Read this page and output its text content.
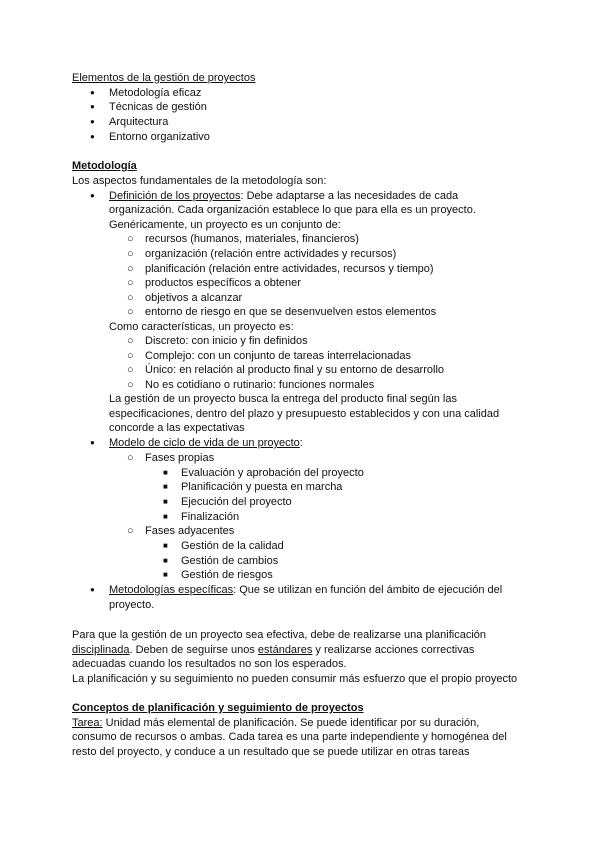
Elementos de la gestión de proyectos
● Metodología eficaz
● Técnicas de gestión
● Arquitectura
● Entorno organizativo
Metodología
Los aspectos fundamentales de la metodología son:
● Definición de los proyectos: Debe adaptarse a las necesidades de cada
organización. Cada organización establece lo que para ella es un proyecto.
Genéricamente, un proyecto es un conjunto de:
○ recursos (humanos, materiales, financieros)
○ organización (relación entre actividades y recursos)
○ planificación (relación entre actividades, recursos y tiempo)
○ productos específicos a obtener
○ objetivos a alcanzar
○ entorno de riesgo en que se desenvuelven estos elementos
Como características, un proyecto es:
○ Discreto: con inicio y fin definidos
○ Complejo: con un conjunto de tareas interrelacionadas
○ Único: en relación al producto final y su entorno de desarrollo
○ No es cotidiano o rutinario: funciones normales
La gestión de un proyecto busca la entrega del producto final según las
especificaciones, dentro del plazo y presupuesto establecidos y con una calidad
concorde a las expectativas
● Modelo de ciclo de vida de un proyecto:
○ Fases propias
■ Evaluación y aprobación del proyecto
■ Planificación y puesta en marcha
■ Ejecución del proyecto
■ Finalización
○ Fases adyacentes
■ Gestión de la calidad
■ Gestión de cambios
■ Gestión de riesgos
● Metodologías específicas: Que se utilizan en función del ámbito de ejecución del
proyecto.
Para que la gestión de un proyecto sea efectiva, debe de realizarse una planificación
disciplinada. Deben de seguirse unos estándares y realizarse acciones correctivas
adecuadas cuando los resultados no son los esperados.
La planificación y su seguimiento no pueden consumir más esfuerzo que el propio proyecto
Conceptos de planificación y seguimiento de proyectos
Tarea: Unidad más elemental de planificación. Se puede identificar por su duración,
consumo de recursos o ambas. Cada tarea es una parte independiente y homogénea del
resto del proyecto, y conduce a un resultado que se puede utilizar en otras tareas
